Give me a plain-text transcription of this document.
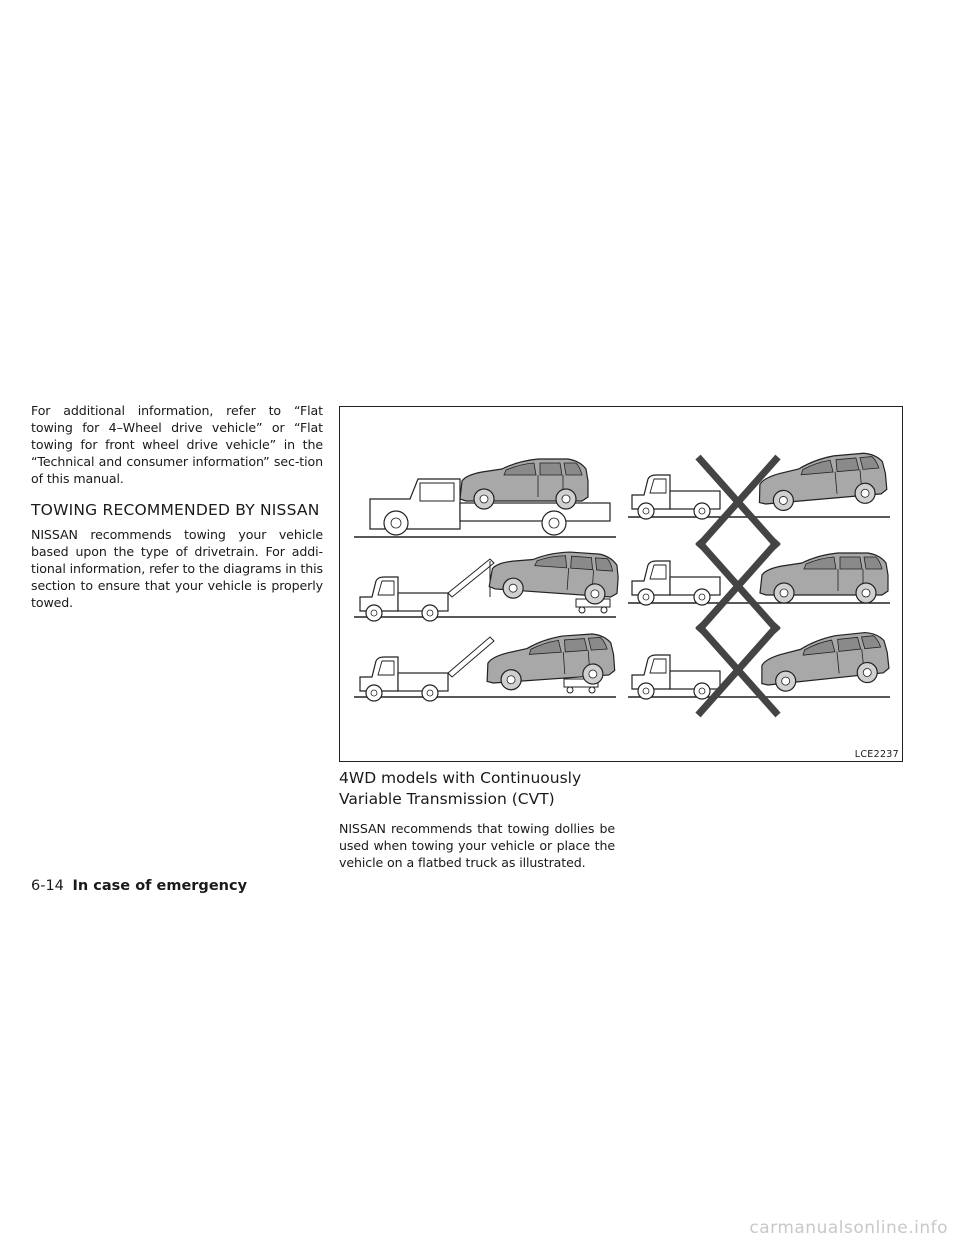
For additional information, refer to “Flat towing for 4–Wheel drive vehicle” or “Flat towing for front wheel drive vehicle” in the “Technical and consumer information” sec-tion of this manual.

TOWING RECOMMENDED BY NISSAN

NISSAN recommends towing your vehicle based upon the type of drivetrain. For addi-tional information, refer to the diagrams in this section to ensure that your vehicle is properly towed.

LCE2237
4WD models with Continuously Variable Transmission (CVT)

NISSAN recommends that towing dollies be used when towing your vehicle or place the vehicle on a flatbed truck as illustrated.

6-14 In case of emergency
carmanualsonline.info
